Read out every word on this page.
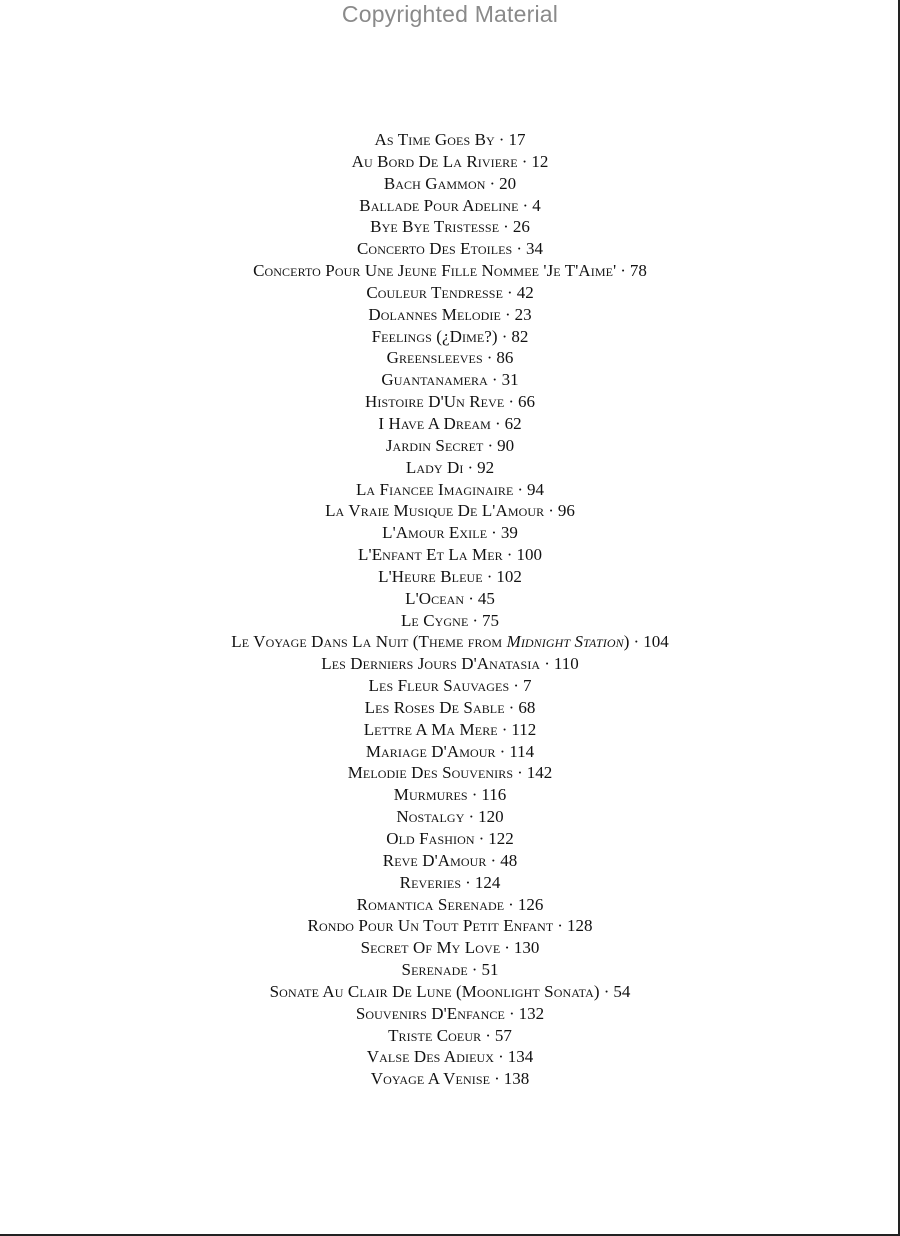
Copyrighted Material
As Time Goes By · 17
Au Bord De La Riviere · 12
Bach Gammon · 20
Ballade Pour Adeline · 4
Bye Bye Tristesse · 26
Concerto Des Etoiles · 34
Concerto Pour Une Jeune Fille Nommee 'Je T'Aime' · 78
Couleur Tendresse · 42
Dolannes Melodie · 23
Feelings (¿Dime?) · 82
Greensleeves · 86
Guantanamera · 31
Histoire D'Un Reve · 66
I Have A Dream · 62
Jardin Secret · 90
Lady Di · 92
La Fiancee Imaginaire · 94
La Vraie Musique De L'Amour · 96
L'Amour Exile · 39
L'Enfant Et La Mer · 100
L'Heure Bleue · 102
L'Ocean · 45
Le Cygne · 75
Le Voyage Dans La Nuit (Theme from Midnight Station) · 104
Les Derniers Jours D'Anatasia · 110
Les Fleur Sauvages · 7
Les Roses De Sable · 68
Lettre A Ma Mere · 112
Mariage D'Amour · 114
Melodie Des Souvenirs · 142
Murmures · 116
Nostalgy · 120
Old Fashion · 122
Reve D'Amour · 48
Reveries · 124
Romantica Serenade · 126
Rondo Pour Un Tout Petit Enfant · 128
Secret Of My Love · 130
Serenade · 51
Sonate Au Clair De Lune (Moonlight Sonata) · 54
Souvenirs D'Enfance · 132
Triste Coeur · 57
Valse Des Adieux · 134
Voyage A Venise · 138
